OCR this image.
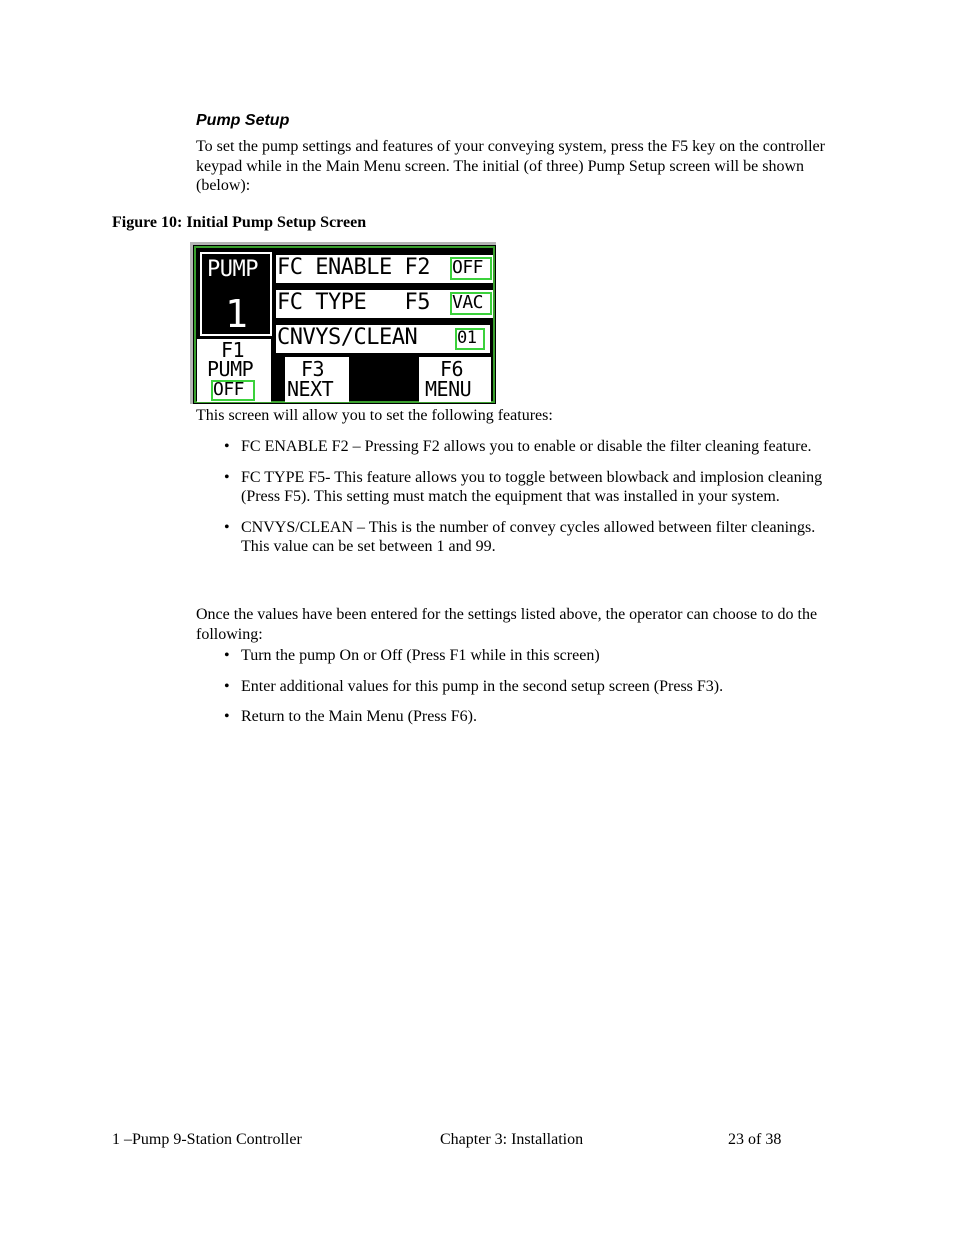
Pump Setup
To set the pump settings and features of your conveying system, press the F5 key on the controller keypad while in the Main Menu screen. The initial (of three) Pump Setup screen will be shown (below):
Figure 10: Initial Pump Setup Screen
PUMP
1
FC ENABLE F2 OFF
FC TYPE   F5 VAC
CNVYS/CLEAN 01
F1
PUMP
OFF
F3
NEXT
F6
MENU
This screen will allow you to set the following features:
• FC ENABLE F2 – Pressing F2 allows you to enable or disable the filter cleaning feature.
• FC TYPE F5- This feature allows you to toggle between blowback and implosion cleaning (Press F5). This setting must match the equipment that was installed in your system.
• CNVYS/CLEAN – This is the number of convey cycles allowed between filter cleanings. This value can be set between 1 and 99.
Once the values have been entered for the settings listed above, the operator can choose to do the following:
• Turn the pump On or Off (Press F1 while in this screen)
• Enter additional values for this pump in the second setup screen (Press F3).
• Return to the Main Menu (Press F6).
1 –Pump 9-Station Controller	Chapter 3: Installation	23 of 38
